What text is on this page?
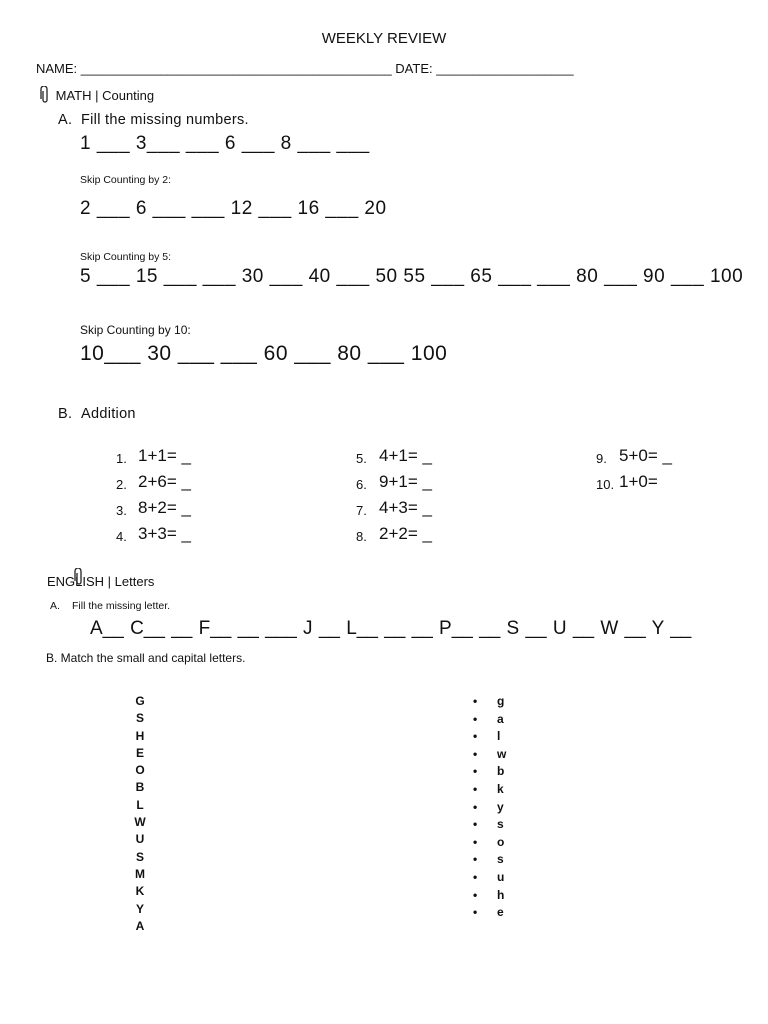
WEEKLY REVIEW
NAME: ___________________________________________ DATE: ___________________
MATH | Counting
A. Fill the missing numbers.
1 ___ 3___ ___ 6 ___ 8 ___ ___
Skip Counting by 2:
2 ___ 6 ___ ___ 12 ___ 16 ___ 20
Skip Counting by 5:
5 ___ 15 ___ ___ 30 ___ 40 ___ 50 55 ___ 65 ___ ___ 80 ___ 90 ___ 100
Skip Counting by 10:
10___ 30 ___ ___ 60 ___ 80 ___ 100
B. Addition
1. 1+1= _
2. 2+6= _
3. 8+2= _
4. 3+3= _
5. 4+1= _
6. 9+1= _
7. 4+3= _
8. 2+2= _
9. 5+0= _
10. 1+0=
ENGLISH | Letters
A. Fill the missing letter.
A__ C__ __ F__ __ ___ J __ L__ __ __ P__ __ S __ U __ W __ Y __
B. Match the small and capital letters.
G
S
H
E
O
B
L
W
U
S
M
K
Y
A
• g
• a
• l
• w
• b
• k
• y
• s
• o
• s
• u
• h
• e
